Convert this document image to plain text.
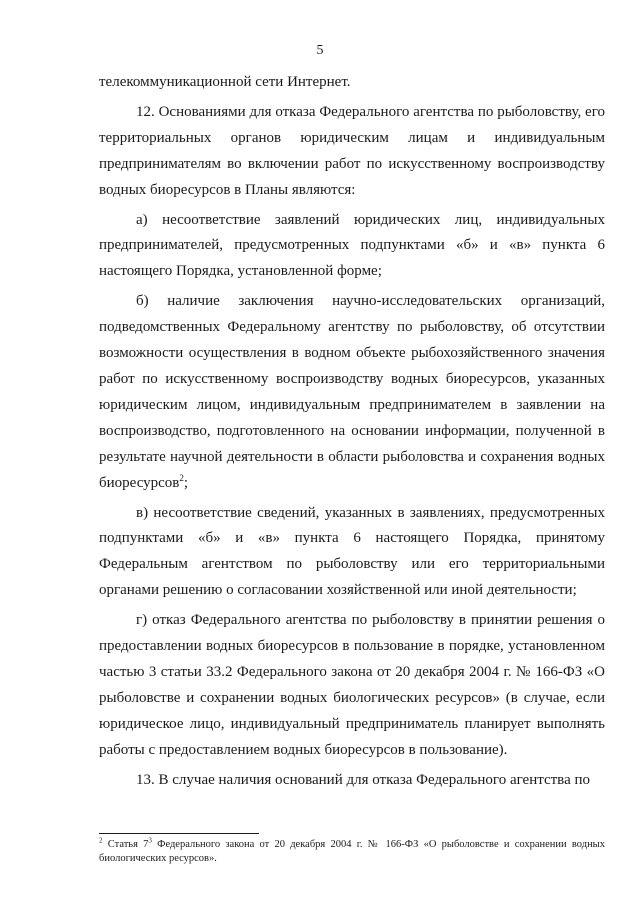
5

телекоммуникационной сети Интернет.

12. Основаниями для отказа Федерального агентства по рыболовству, его территориальных органов юридическим лицам и индивидуальным предпринимателям во включении работ по искусственному воспроизводству водных биоресурсов в Планы являются:

а) несоответствие заявлений юридических лиц, индивидуальных предпринимателей, предусмотренных подпунктами «б» и «в» пункта 6 настоящего Порядка, установленной форме;

б) наличие заключения научно-исследовательских организаций, подведомственных Федеральному агентству по рыболовству, об отсутствии возможности осуществления в водном объекте рыбохозяйственного значения работ по искусственному воспроизводству водных биоресурсов, указанных юридическим лицом, индивидуальным предпринимателем в заявлении на воспроизводство, подготовленного на основании информации, полученной в результате научной деятельности в области рыболовства и сохранения водных биоресурсов$^2$;

в) несоответствие сведений, указанных в заявлениях, предусмотренных подпунктами «б» и «в» пункта 6 настоящего Порядка, принятому Федеральным агентством по рыболовству или его территориальными органами решению о согласовании хозяйственной или иной деятельности;

г) отказ Федерального агентства по рыболовству в принятии решения о предоставлении водных биоресурсов в пользование в порядке, установленном частью 3 статьи 33.2 Федерального закона от 20 декабря 2004 г. № 166-ФЗ «О рыболовстве и сохранении водных биологических ресурсов» (в случае, если юридическое лицо, индивидуальный предприниматель планирует выполнять работы с предоставлением водных биоресурсов в пользование).

13. В случае наличия оснований для отказа Федерального агентства по

$^2$ Статья $7^3$ Федерального закона от 20 декабря 2004 г. № 166-ФЗ «О рыболовстве и сохранении водных биологических ресурсов».
